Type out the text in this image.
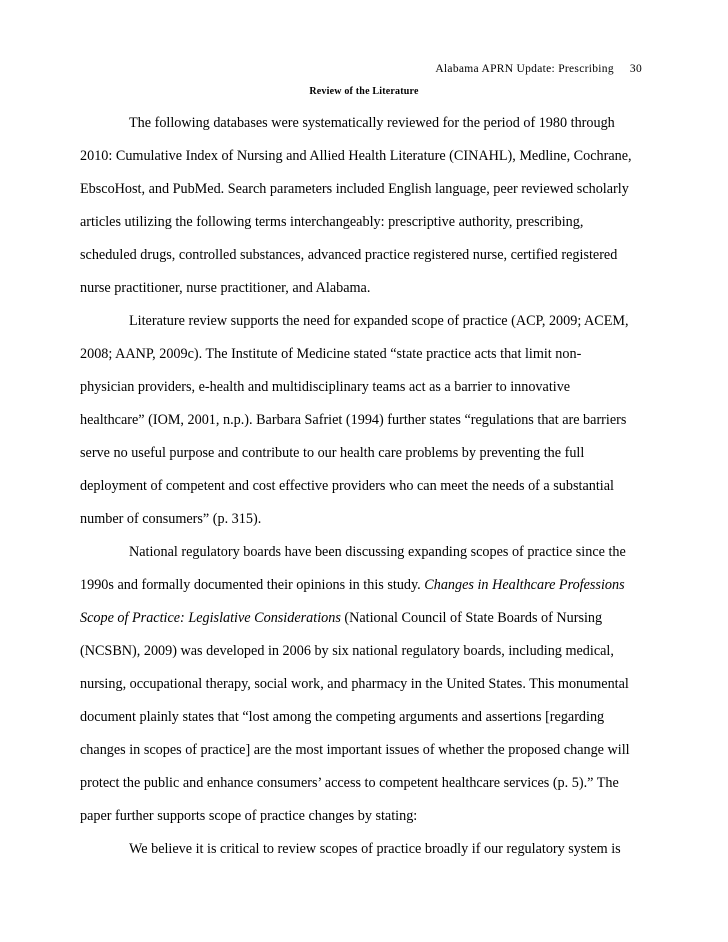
Alabama APRN Update: Prescribing 30
Review of the Literature
The following databases were systematically reviewed for the period of 1980 through
2010: Cumulative Index of Nursing and Allied Health Literature (CINAHL), Medline, Cochrane,
EbscoHost, and PubMed. Search parameters included English language, peer reviewed scholarly
articles utilizing the following terms interchangeably: prescriptive authority, prescribing,
scheduled drugs, controlled substances, advanced practice registered nurse, certified registered
nurse practitioner, nurse practitioner, and Alabama.
Literature review supports the need for expanded scope of practice (ACP, 2009; ACEM,
2008; AANP, 2009c). The Institute of Medicine stated “state practice acts that limit non-
physician providers, e-health and multidisciplinary teams act as a barrier to innovative
healthcare” (IOM, 2001, n.p.). Barbara Safriet (1994) further states “regulations that are barriers
serve no useful purpose and contribute to our health care problems by preventing the full
deployment of competent and cost effective providers who can meet the needs of a substantial
number of consumers” (p. 315).
National regulatory boards have been discussing expanding scopes of practice since the
1990s and formally documented their opinions in this study. Changes in Healthcare Professions
Scope of Practice: Legislative Considerations (National Council of State Boards of Nursing
(NCSBN), 2009) was developed in 2006 by six national regulatory boards, including medical,
nursing, occupational therapy, social work, and pharmacy in the United States. This monumental
document plainly states that “lost among the competing arguments and assertions [regarding
changes in scopes of practice] are the most important issues of whether the proposed change will
protect the public and enhance consumers’ access to competent healthcare services (p. 5).” The
paper further supports scope of practice changes by stating:
We believe it is critical to review scopes of practice broadly if our regulatory system is
